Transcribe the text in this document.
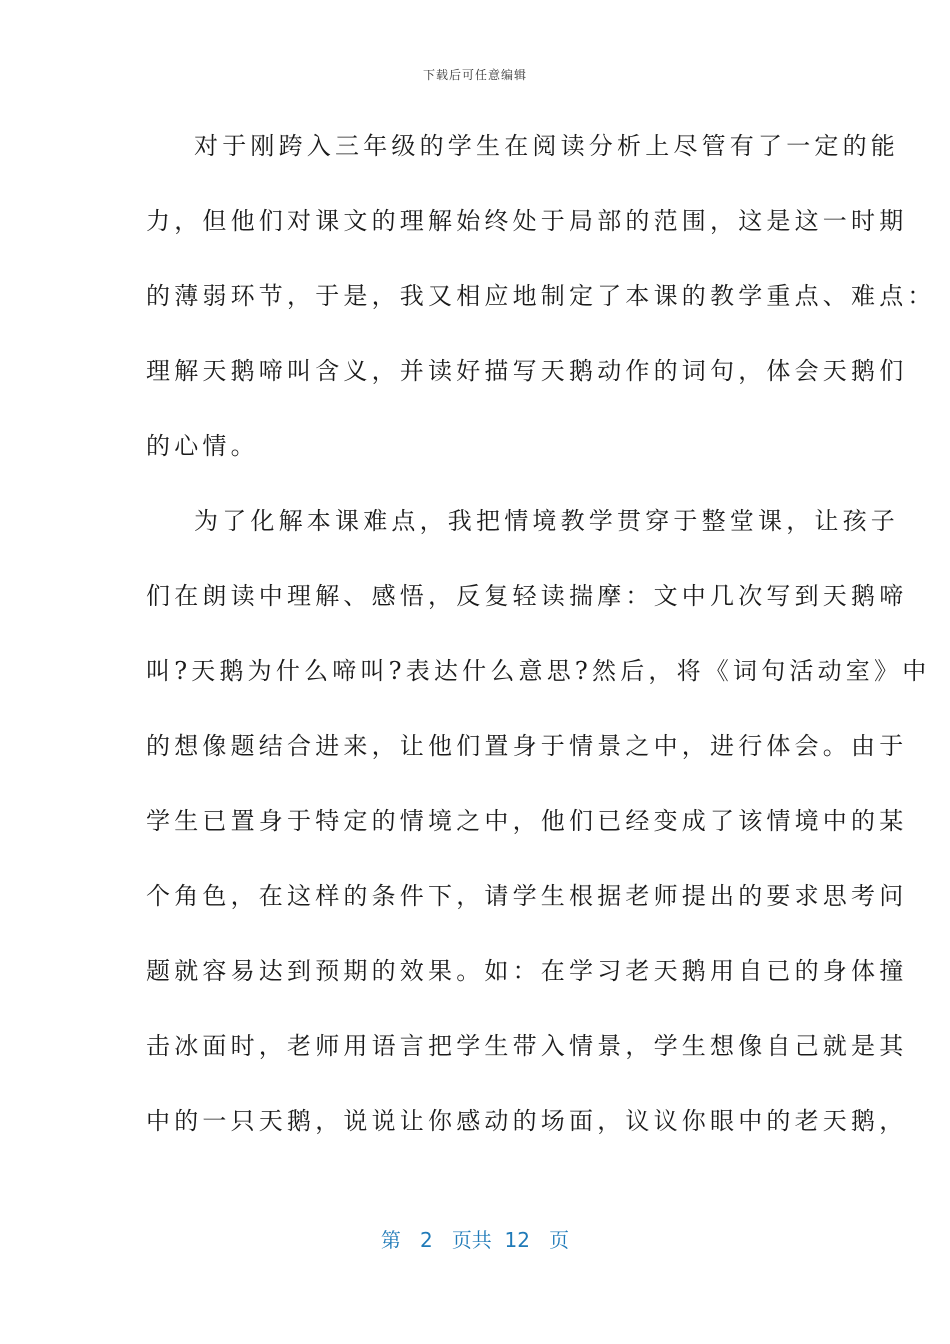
下载后可任意编辑
对于刚跨入三年级的学生在阅读分析上尽管有了一定的能
力，但他们对课文的理解始终处于局部的范围，这是这一时期
的薄弱环节，于是，我又相应地制定了本课的教学重点、难点：
理解天鹅啼叫含义，并读好描写天鹅动作的词句，体会天鹅们
的心情。
为了化解本课难点，我把情境教学贯穿于整堂课，让孩子
们在朗读中理解、感悟，反复轻读揣摩：文中几次写到天鹅啼
叫?天鹅为什么啼叫?表达什么意思?然后，将《词句活动室》中
的想像题结合进来，让他们置身于情景之中，进行体会。由于
学生已置身于特定的情境之中，他们已经变成了该情境中的某
个角色，在这样的条件下，请学生根据老师提出的要求思考问
题就容易达到预期的效果。如：在学习老天鹅用自已的身体撞
击冰面时，老师用语言把学生带入情景，学生想像自己就是其
中的一只天鹅，说说让你感动的场面，议议你眼中的老天鹅，
第 2 页共 12 页
